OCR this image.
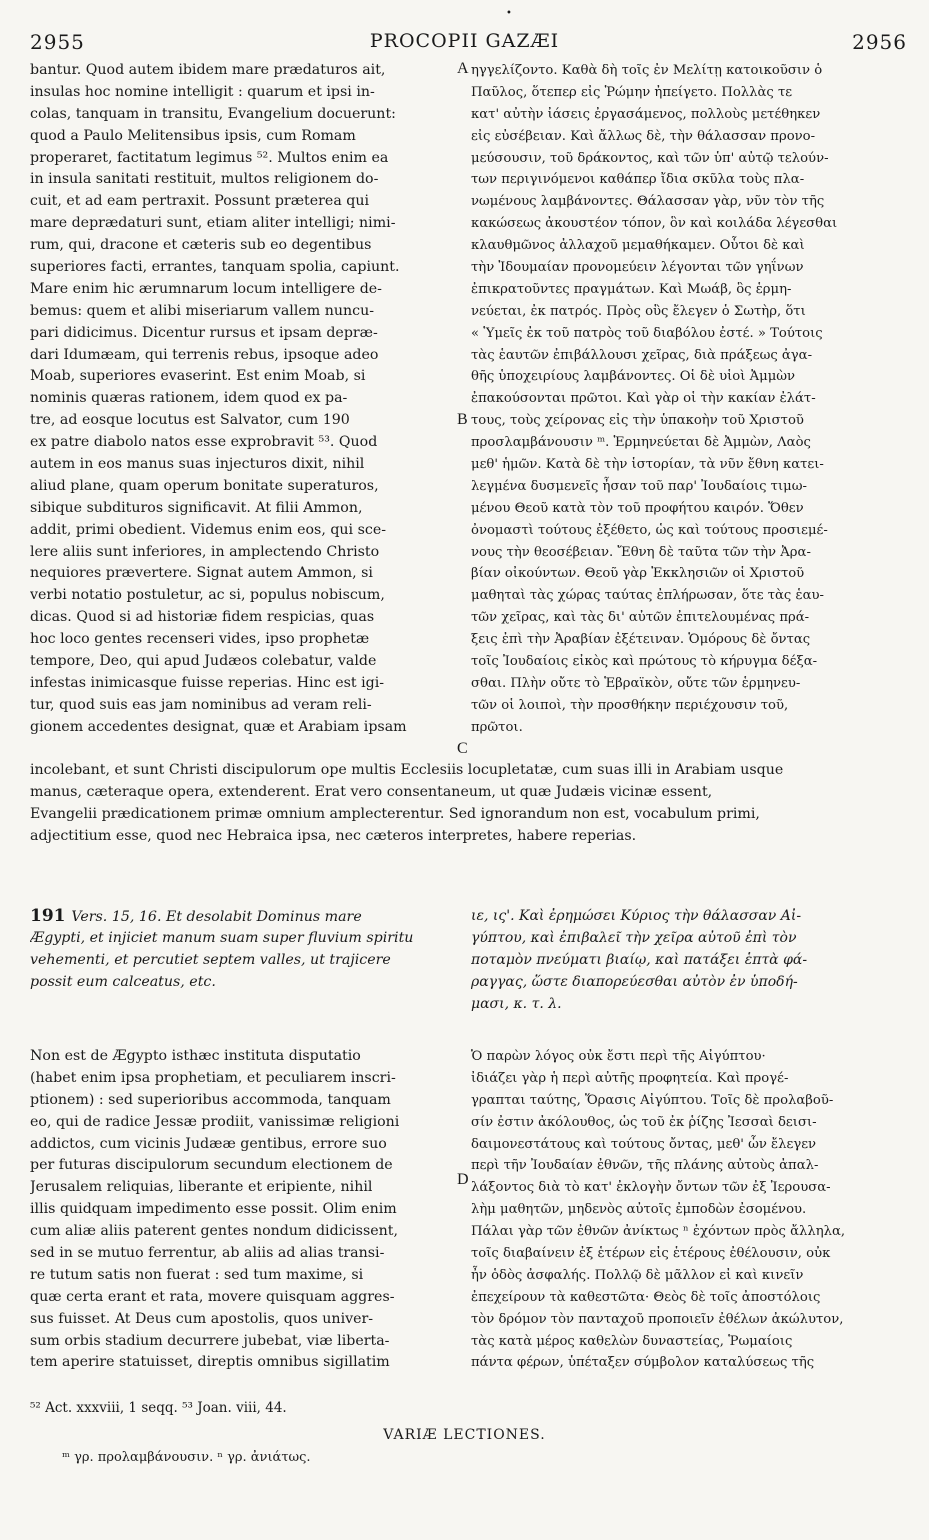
•
2955	PROCOPII GAZÆI	2956
bantur. Quod autem ibidem mare prædaturos ait,
insulas hoc nomine intelligit : quarum et ipsi in-
colas, tanquam in transitu, Evangelium docuerunt:
quod a Paulo Melitensibus ipsis, cum Romam
properaret, factitatum legimus ⁵². Multos enim ea
in insula sanitati restituit, multos religionem do-
cuit, et ad eam pertraxit. Possunt præterea qui
mare deprædaturi sunt, etiam aliter intelligi; nimi-
rum, qui, dracone et cæteris sub eo degentibus
superiores facti, errantes, tanquam spolia, capiunt.
Mare enim hic ærumnarum locum intelligere de-
bemus: quem et alibi miseriarum vallem nuncu-
pari didicimus. Dicentur rursus et ipsam depræ-
dari Idumæam, qui terrenis rebus, ipsoque adeo
Moab, superiores evaserint. Est enim Moab, si
nominis quæras rationem, idem quod ex pa-
tre, ad eosque locutus est Salvator, cum 190
ex patre diabolo natos esse exprobravit ⁵³. Quod
autem in eos manus suas injecturos dixit, nihil
aliud plane, quam operum bonitate superaturos,
sibique subdituros significavit. At filii Ammon,
addit, primi obedient. Videmus enim eos, qui sce-
lere aliis sunt inferiores, in amplectendo Christo
nequiores prævertere. Signat autem Ammon, si
verbi notatio postuletur, ac si, populus nobiscum,
dicas. Quod si ad historiæ fidem respicias, quas
hoc loco gentes recenseri vides, ipso prophetæ
tempore, Deo, qui apud Judæos colebatur, valde
infestas inimicasque fuisse reperias. Hinc est igi-
tur, quod suis eas jam nominibus ad veram reli-
gionem accedentes designat, quæ et Arabiam ipsam
ηγγελίζοντο. Καθὰ δὴ τοῖς ἐν Μελίτῃ κατοικοῦσιν ὁ
Παῦλος, ὅτεπερ εἰς Ῥώμην ἠπείγετο. Πολλὰς τε
κατ' αὐτὴν ἰάσεις ἐργασάμενος, πολλοὺς μετέθηκεν
εἰς εὐσέβειαν. Καὶ ἄλλως δὲ, τὴν θάλασσαν προνο-
μεύσουσιν, τοῦ δράκοντος, καὶ τῶν ὑπ' αὐτῷ τελούν-
των περιγινόμενοι καθάπερ ἴδια σκῦλα τοὺς πλα-
νωμένους λαμβάνοντες. Θάλασσαν γὰρ, νῦν τὸν τῆς
κακώσεως ἀκουστέον τόπον, ὃν καὶ κοιλάδα λέγεσθαι
κλαυθμῶνος ἀλλαχοῦ μεμαθήκαμεν. Οὗτοι δὲ καὶ
τὴν Ἰδουμαίαν προνομεύειν λέγονται τῶν γηΐνων
ἐπικρατοῦντες πραγμάτων. Καὶ Μωάβ, ὃς ἑρμη-
νεύεται, ἐκ πατρός. Πρὸς οὓς ἔλεγεν ὁ Σωτὴρ, ὅτι
« Ὑμεῖς ἐκ τοῦ πατρὸς τοῦ διαβόλου ἐστέ. » Τούτοις
τὰς ἑαυτῶν ἐπιβάλλουσι χεῖρας, διὰ πράξεως ἀγα-
θῆς ὑποχειρίους λαμβάνοντες. Οἱ δὲ υἱοὶ Ἀμμὼν
ἐπακούσονται πρῶτοι. Καὶ γὰρ οἱ τὴν κακίαν ἐλάτ-
τους, τοὺς χείρονας εἰς τὴν ὑπακοὴν τοῦ Χριστοῦ
προσλαμβάνουσιν ᵐ. Ἑρμηνεύεται δὲ Ἀμμὼν, Λαὸς
μεθ' ἡμῶν. Κατὰ δὲ τὴν ἱστορίαν, τὰ νῦν ἔθνη κατει-
λεγμένα δυσμενεῖς ἦσαν τοῦ παρ' Ἰουδαίοις τιμω-
μένου Θεοῦ κατὰ τὸν τοῦ προφήτου καιρόν. Ὅθεν
ὀνομαστὶ τούτους ἐξέθετο, ὡς καὶ τούτους προσιεμέ-
νους τὴν θεοσέβειαν. Ἔθνη δὲ ταῦτα τῶν τὴν Ἀρα-
βίαν οἰκούντων. Θεοῦ γὰρ Ἐκκλησιῶν οἱ Χριστοῦ
μαθηταὶ τὰς χώρας ταύτας ἐπλήρωσαν, ὅτε τὰς ἑαυ-
τῶν χεῖρας, καὶ τὰς δι' αὐτῶν ἐπιτελουμένας πρά-
ξεις ἐπὶ τὴν Ἀραβίαν ἐξέτειναν. Ὁμόρους δὲ ὄντας
τοῖς Ἰουδαίοις εἰκὸς καὶ πρώτους τὸ κήρυγμα δέξα-
σθαι. Πλὴν οὔτε τὸ Ἑβραϊκὸν, οὔτε τῶν ἑρμηνευ-
τῶν οἱ λοιποὶ, τὴν προσθήκην περιέχουσιν τοῦ,
πρῶτοι.
A
B
C
D
incolebant, et sunt Christi discipulorum ope multis Ecclesiis locupletatæ, cum suas illi in Arabiam usque
manus, cæteraque opera, extenderent. Erat vero consentaneum, ut quæ Judæis vicinæ essent,
Evangelii prædicationem primæ omnium amplecterentur. Sed ignorandum non est, vocabulum primi,
adjectitium esse, quod nec Hebraica ipsa, nec cæteros interpretes, habere reperias.
191 Vers. 15, 16. Et desolabit Dominus mare
Ægypti, et injiciet manum suam super fluvium spiritu
vehementi, et percutiet septem valles, ut trajicere
possit eum calceatus, etc.
ιε, ις'. Καὶ ἐρημώσει Κύριος τὴν θάλασσαν Αἰ-
γύπτου, καὶ ἐπιβαλεῖ τὴν χεῖρα αὐτοῦ ἐπὶ τὸν
ποταμὸν πνεύματι βιαίῳ, καὶ πατάξει ἑπτὰ φά-
ραγγας, ὥστε διαπορεύεσθαι αὐτὸν ἐν ὑποδή-
μασι, κ. τ. λ.
Non est de Ægypto isthæc instituta disputatio
(habet enim ipsa prophetiam, et peculiarem inscri-
ptionem) : sed superioribus accommoda, tanquam
eo, qui de radice Jessæ prodiit, vanissimæ religioni
addictos, cum vicinis Judææ gentibus, errore suo
per futuras discipulorum secundum electionem de
Jerusalem reliquias, liberante et eripiente, nihil
illis quidquam impedimento esse possit. Olim enim
cum aliæ aliis paterent gentes nondum didicissent,
sed in se mutuo ferrentur, ab aliis ad alias transi-
re tutum satis non fuerat : sed tum maxime, si
quæ certa erant et rata, movere quisquam aggres-
sus fuisset. At Deus cum apostolis, quos univer-
sum orbis stadium decurrere jubebat, viæ liberta-
tem aperire statuisset, direptis omnibus sigillatim
Ὁ παρὼν λόγος οὐκ ἔστι περὶ τῆς Αἰγύπτου·
ἰδιάζει γὰρ ἡ περὶ αὐτῆς προφητεία. Καὶ προγέ-
γραπται ταύτης, Ὅρασις Αἰγύπτου. Τοῖς δὲ προλαβοῦ-
σίν ἐστιν ἀκόλουθος, ὡς τοῦ ἐκ ῥίζης Ἰεσσαὶ δεισι-
δαιμονεστάτους καὶ τούτους ὄντας, μεθ' ὧν ἔλεγεν
περὶ τῆν Ἰουδαίαν ἐθνῶν, τῆς πλάνης αὐτοὺς ἀπαλ-
λάξοντος διὰ τὸ κατ' ἐκλογὴν ὄντων τῶν ἐξ Ἰερουσα-
λὴμ μαθητῶν, μηδενὸς αὐτοῖς ἐμποδὼν ἐσομένου.
Πάλαι γὰρ τῶν ἐθνῶν ἀνίκτως ⁿ ἐχόντων πρὸς ἄλληλα,
τοῖς διαβαίνειν ἐξ ἑτέρων εἰς ἑτέρους ἐθέλουσιν, οὐκ
ἦν ὁδὸς ἀσφαλής. Πολλῷ δὲ μᾶλλον εἰ καὶ κινεῖν
ἐπεχείρουν τὰ καθεστῶτα· Θεὸς δὲ τοῖς ἀποστόλοις
τὸν δρόμον τὸν πανταχοῦ προποιεῖν ἐθέλων ἀκώλυτον,
τὰς κατὰ μέρος καθελὼν δυναστείας, Ῥωμαίοις
πάντα φέρων, ὑπέταξεν σύμβολον καταλύσεως τῆς
⁵² Act. xxxviii, 1 seqq. ⁵³ Joan. viii, 44.
VARIÆ LECTIONES.
ᵐ γρ. προλαμβάνουσιν. ⁿ γρ. ἀνιάτως.
